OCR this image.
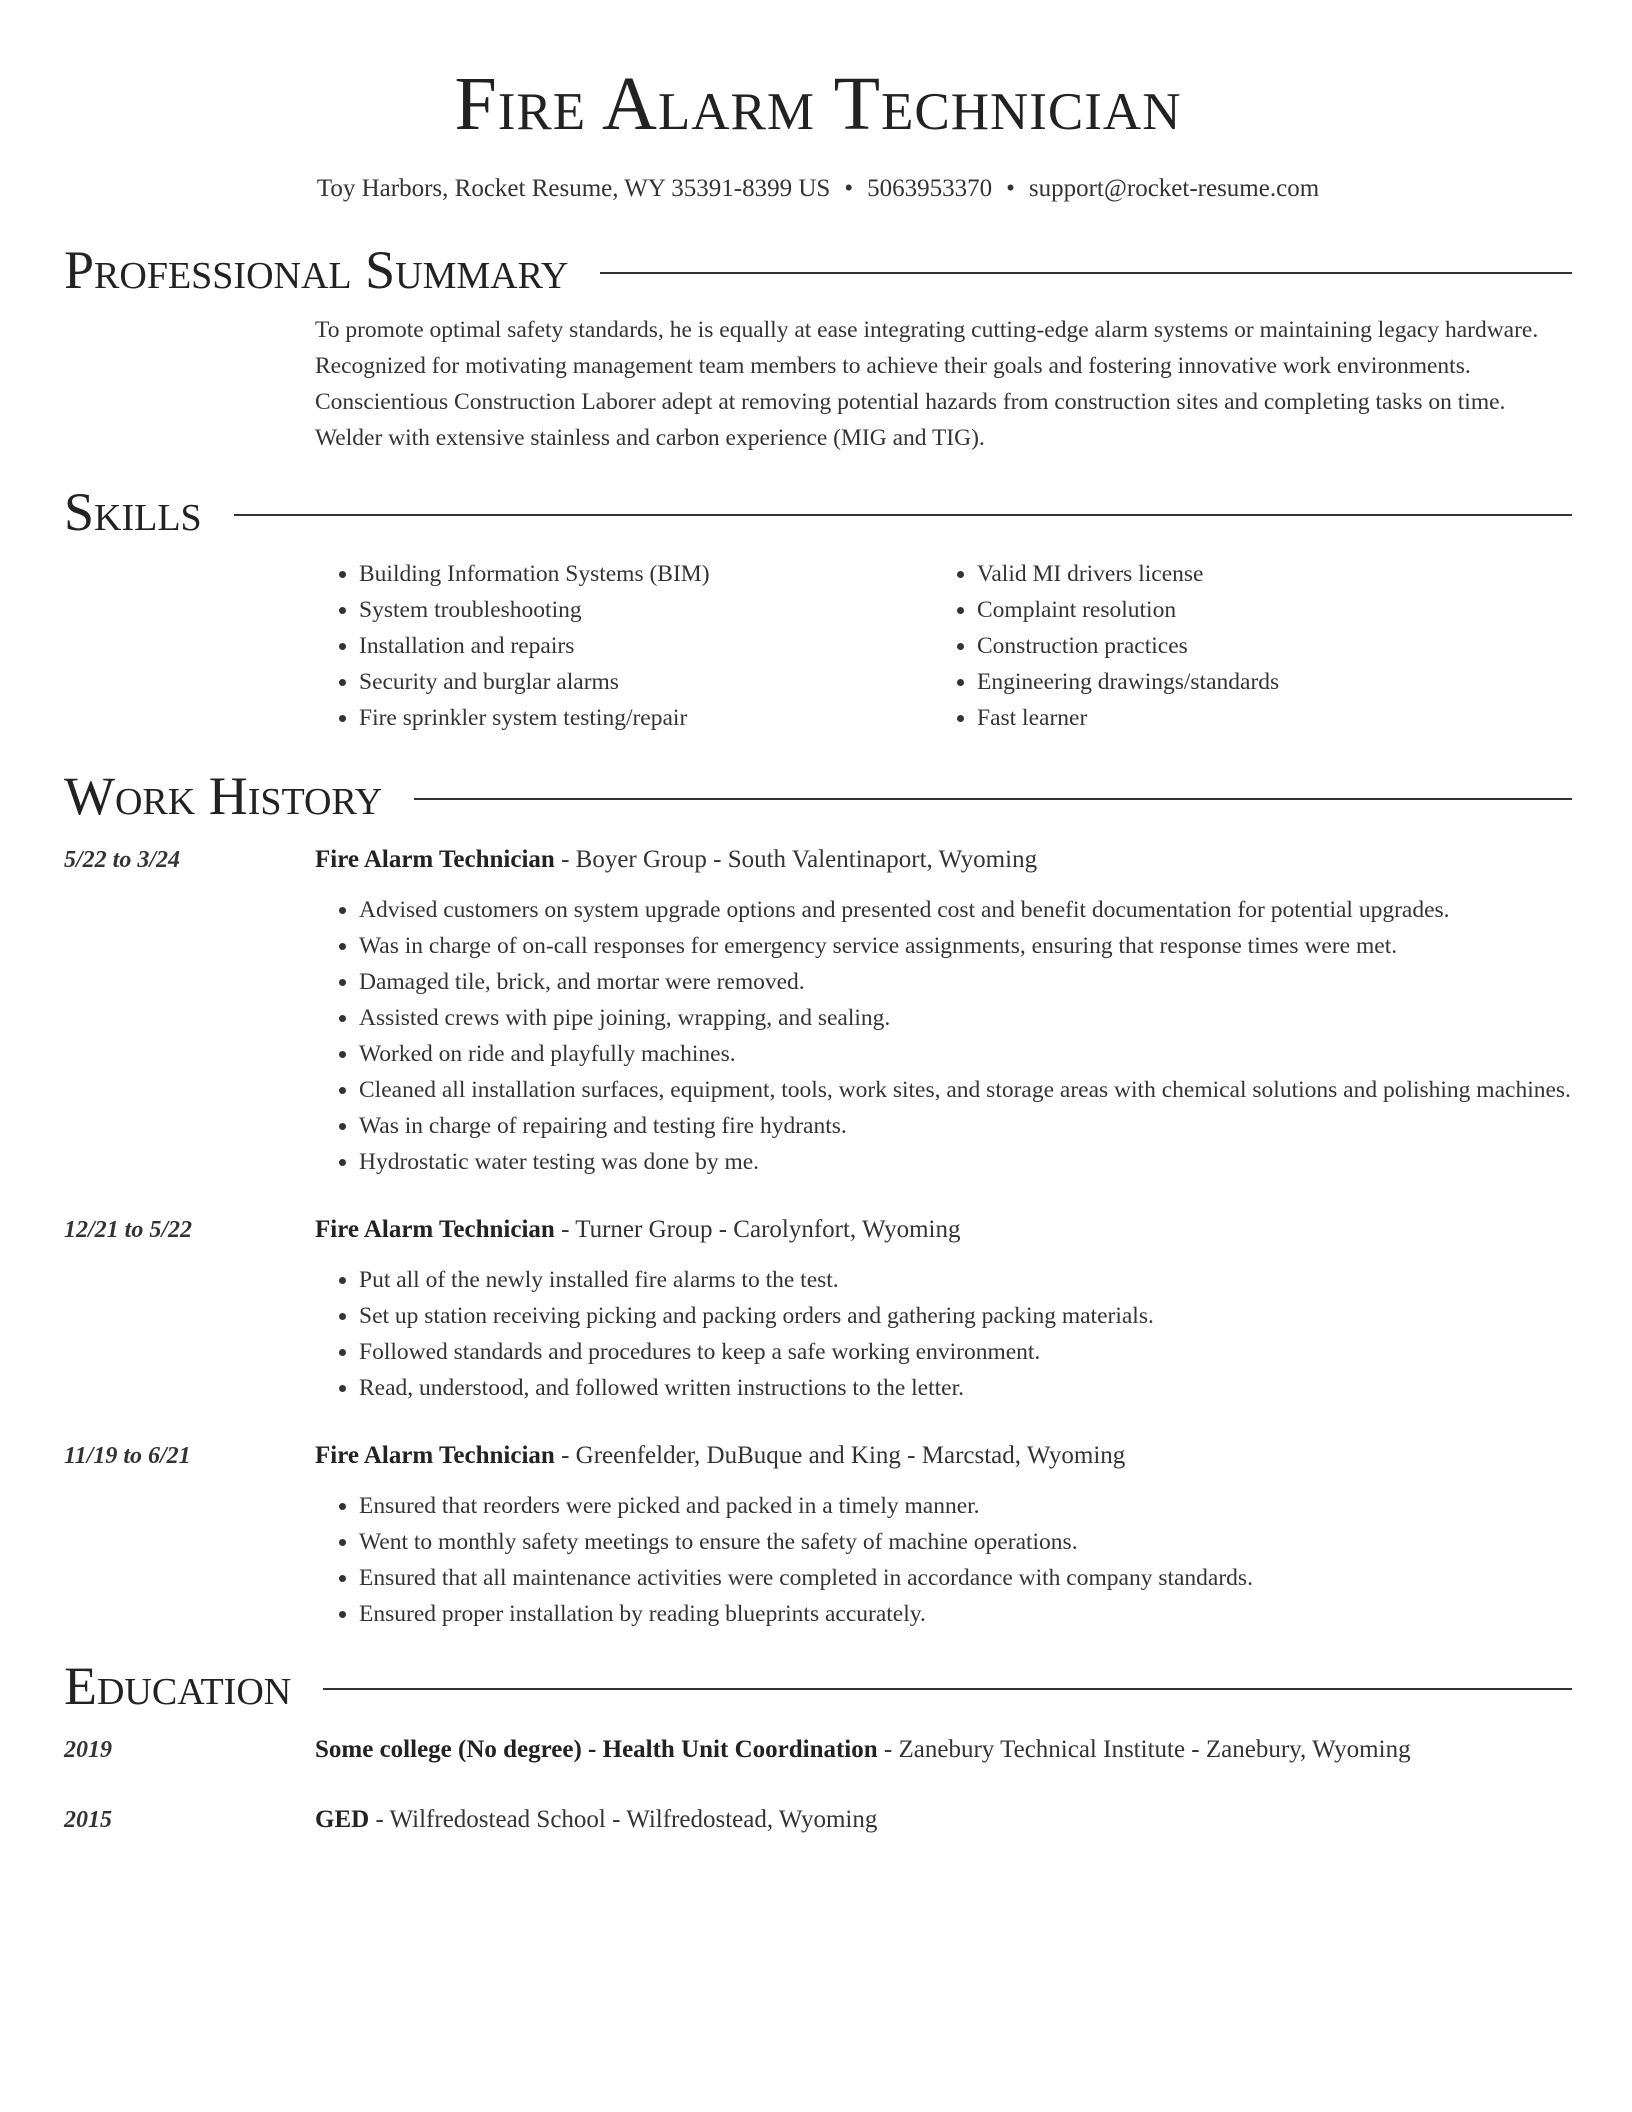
Fire Alarm Technician
Toy Harbors, Rocket Resume, WY 35391-8399 US • 5063953370 • support@rocket-resume.com
Professional Summary
To promote optimal safety standards, he is equally at ease integrating cutting-edge alarm systems or maintaining legacy hardware. Recognized for motivating management team members to achieve their goals and fostering innovative work environments. Conscientious Construction Laborer adept at removing potential hazards from construction sites and completing tasks on time. Welder with extensive stainless and carbon experience (MIG and TIG).
Skills
• Building Information Systems (BIM)
• System troubleshooting
• Installation and repairs
• Security and burglar alarms
• Fire sprinkler system testing/repair
• Valid MI drivers license
• Complaint resolution
• Construction practices
• Engineering drawings/standards
• Fast learner
Work History
5/22 to 3/24	Fire Alarm Technician - Boyer Group - South Valentinaport, Wyoming
• Advised customers on system upgrade options and presented cost and benefit documentation for potential upgrades.
• Was in charge of on-call responses for emergency service assignments, ensuring that response times were met.
• Damaged tile, brick, and mortar were removed.
• Assisted crews with pipe joining, wrapping, and sealing.
• Worked on ride and playfully machines.
• Cleaned all installation surfaces, equipment, tools, work sites, and storage areas with chemical solutions and polishing machines.
• Was in charge of repairing and testing fire hydrants.
• Hydrostatic water testing was done by me.
12/21 to 5/22	Fire Alarm Technician - Turner Group - Carolynfort, Wyoming
• Put all of the newly installed fire alarms to the test.
• Set up station receiving picking and packing orders and gathering packing materials.
• Followed standards and procedures to keep a safe working environment.
• Read, understood, and followed written instructions to the letter.
11/19 to 6/21	Fire Alarm Technician - Greenfelder, DuBuque and King - Marcstad, Wyoming
• Ensured that reorders were picked and packed in a timely manner.
• Went to monthly safety meetings to ensure the safety of machine operations.
• Ensured that all maintenance activities were completed in accordance with company standards.
• Ensured proper installation by reading blueprints accurately.
Education
2019	Some college (No degree) - Health Unit Coordination - Zanebury Technical Institute - Zanebury, Wyoming
2015	GED - Wilfredostead School - Wilfredostead, Wyoming
